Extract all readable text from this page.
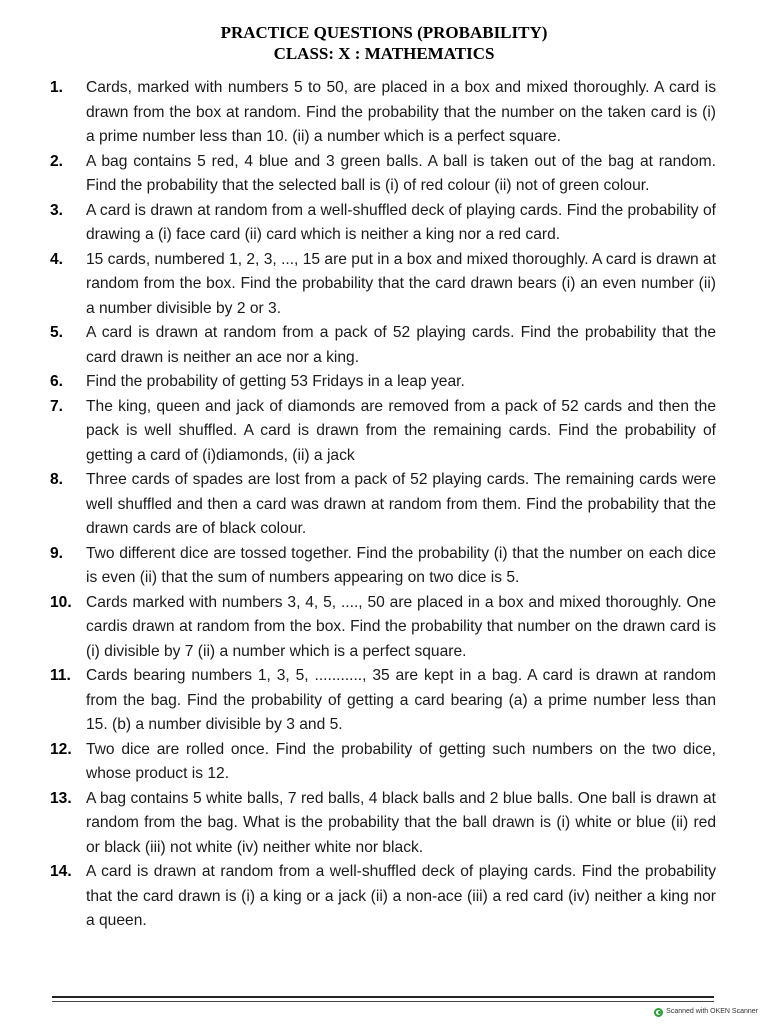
PRACTICE QUESTIONS (PROBABILITY)
CLASS: X : MATHEMATICS
1.	Cards, marked with numbers 5 to 50, are placed in a box and mixed thoroughly. A card is drawn from the box at random. Find the probability that the number on the taken card is (i) a prime number less than 10. (ii) a number which is a perfect square.
2.	A bag contains 5 red, 4 blue and 3 green balls. A ball is taken out of the bag at random. Find the probability that the selected ball is (i) of red colour (ii) not of green colour.
3.	A card is drawn at random from a well-shuffled deck of playing cards. Find the probability of drawing a (i) face card (ii) card which is neither a king nor a red card.
4.	15 cards, numbered 1, 2, 3, ..., 15 are put in a box and mixed thoroughly. A card is drawn at random from the box. Find the probability that the card drawn bears (i) an even number (ii) a number divisible by 2 or 3.
5.	A card is drawn at random from a pack of 52 playing cards. Find the probability that the card drawn is neither an ace nor a king.
6.	Find the probability of getting 53 Fridays in a leap year.
7.	The king, queen and jack of diamonds are removed from a pack of 52 cards and then the pack is well shuffled. A card is drawn from the remaining cards. Find the probability of getting a card of (i)diamonds, (ii) a jack
8.	Three cards of spades are lost from a pack of 52 playing cards. The remaining cards were well shuffled and then a card was drawn at random from them. Find the probability that the drawn cards are of black colour.
9.	Two different dice are tossed together. Find the probability (i) that the number on each dice is even (ii) that the sum of numbers appearing on two dice is 5.
10. Cards marked with numbers 3, 4, 5, ...., 50 are placed in a box and mixed thoroughly. One cardis drawn at random from the box. Find the probability that number on the drawn card is (i) divisible by 7 (ii) a number which is a perfect square.
11. Cards bearing numbers 1, 3, 5, ..........., 35 are kept in a bag. A card is drawn at random from the bag. Find the probability of getting a card bearing (a) a prime number less than 15. (b) a number divisible by 3 and 5.
12. Two dice are rolled once. Find the probability of getting such numbers on the two dice, whose product is 12.
13. A bag contains 5 white balls, 7 red balls, 4 black balls and 2 blue balls. One ball is drawn at random from the bag. What is the probability that the ball drawn is (i) white or blue (ii) red or black (iii) not white (iv) neither white nor black.
14. A card is drawn at random from a well-shuffled deck of playing cards. Find the probability that the card drawn is (i) a king or a jack (ii) a non-ace (iii) a red card (iv) neither a king nor a queen.
Scanned with OKEN Scanner
